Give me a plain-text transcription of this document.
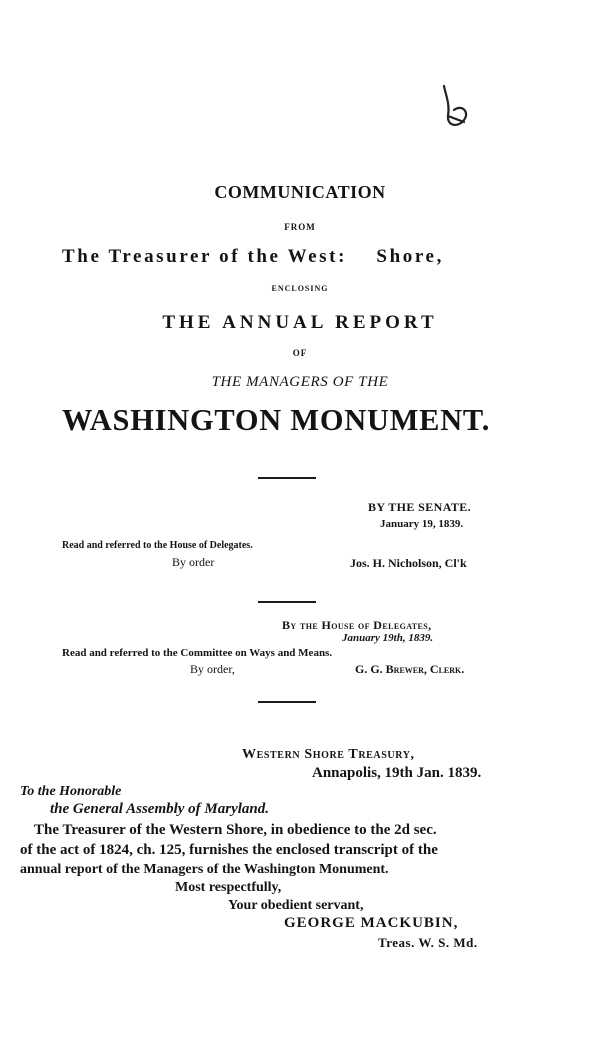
COMMUNICATION
FROM
The Treasurer of the West:    Shore,
ENCLOSING
THE ANNUAL REPORT
OF
THE MANAGERS OF THE
WASHINGTON MONUMENT.
BY THE SENATE.
January 19, 1839.
Read and referred to the House of Delegates.
By order	Jos. H. Nicholson, Cl'k
By the House of Delegates,
January 19th, 1839.
Read and referred to the Committee on Ways and Means.
By order,	G. G. Brewer, Clerk.
Western Shore Treasury,
Annapolis, 19th Jan. 1839.
To the Honorable
the General Assembly of Maryland.
The Treasurer of the Western Shore, in obedience to the 2d sec.
of the act of 1824, ch. 125, furnishes the enclosed transcript of the
annual report of the Managers of the Washington Monument.
Most respectfully,
Your obedient servant,
GEORGE MACKUBIN,
Treas. W. S. Md.
